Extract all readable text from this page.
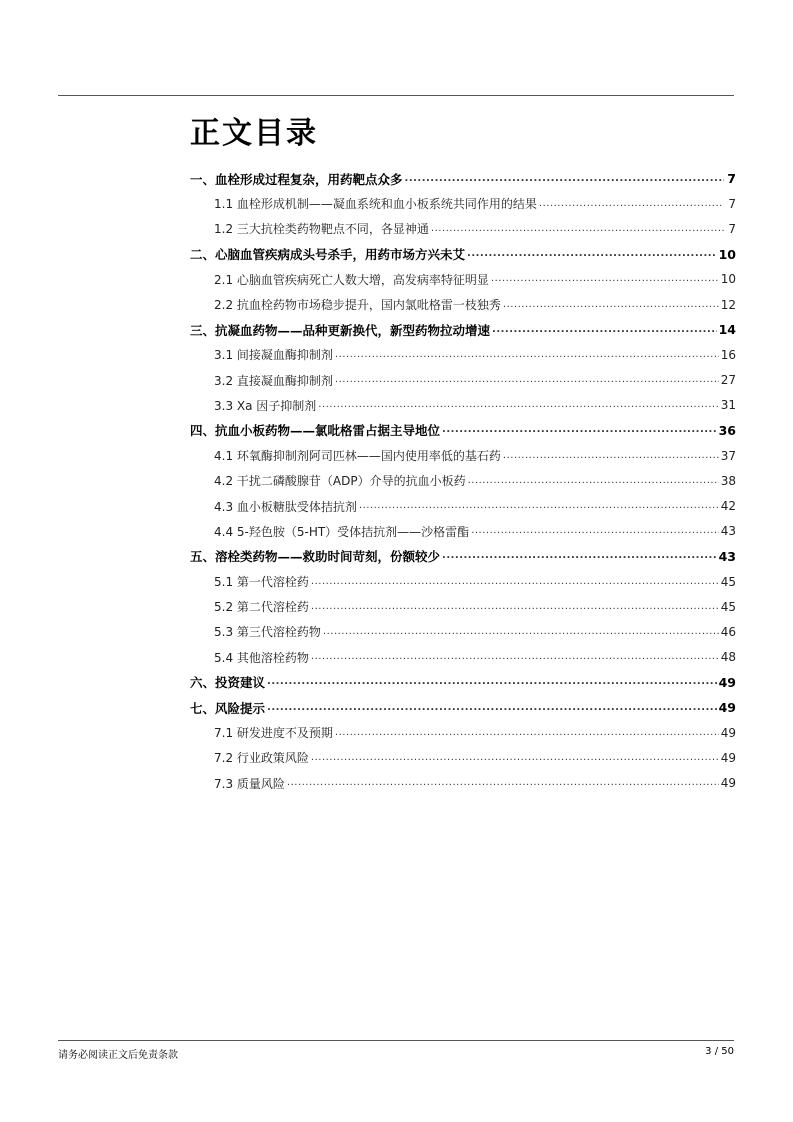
正文目录
一、血栓形成过程复杂，用药靶点众多 .....	7
1.1 血栓形成机制——凝血系统和血小板系统共同作用的结果 .....	7
1.2 三大抗栓类药物靶点不同，各显神通 .....	7
二、心脑血管疾病成头号杀手，用药市场方兴未艾 .....	10
2.1 心脑血管疾病死亡人数大增，高发病率特征明显 .....	10
2.2 抗血栓药物市场稳步提升，国内氯吡格雷一枝独秀 .....	12
三、抗凝血药物——品种更新换代，新型药物拉动增速 .....	14
3.1 间接凝血酶抑制剂 .....	16
3.2 直接凝血酶抑制剂 .....	27
3.3 Xa 因子抑制剂 .....	31
四、抗血小板药物——氯吡格雷占据主导地位 .....	36
4.1 环氧酶抑制剂阿司匹林——国内使用率低的基石药 .....	37
4.2 干扰二磷酸腺苷（ADP）介导的抗血小板药 .....	38
4.3 血小板糖肽受体拮抗剂 .....	42
4.4 5-羟色胺（5-HT）受体拮抗剂——沙格雷酯 .....	43
五、溶栓类药物——救助时间苛刻，份额较少 .....	43
5.1 第一代溶栓药 .....	45
5.2 第二代溶栓药 .....	45
5.3 第三代溶栓药物 .....	46
5.4 其他溶栓药物 .....	48
六、投资建议 .....	49
七、风险提示 .....	49
7.1 研发进度不及预期 .....	49
7.2 行业政策风险 .....	49
7.3 质量风险 .....	49
请务必阅读正文后免责条款	3 / 50
